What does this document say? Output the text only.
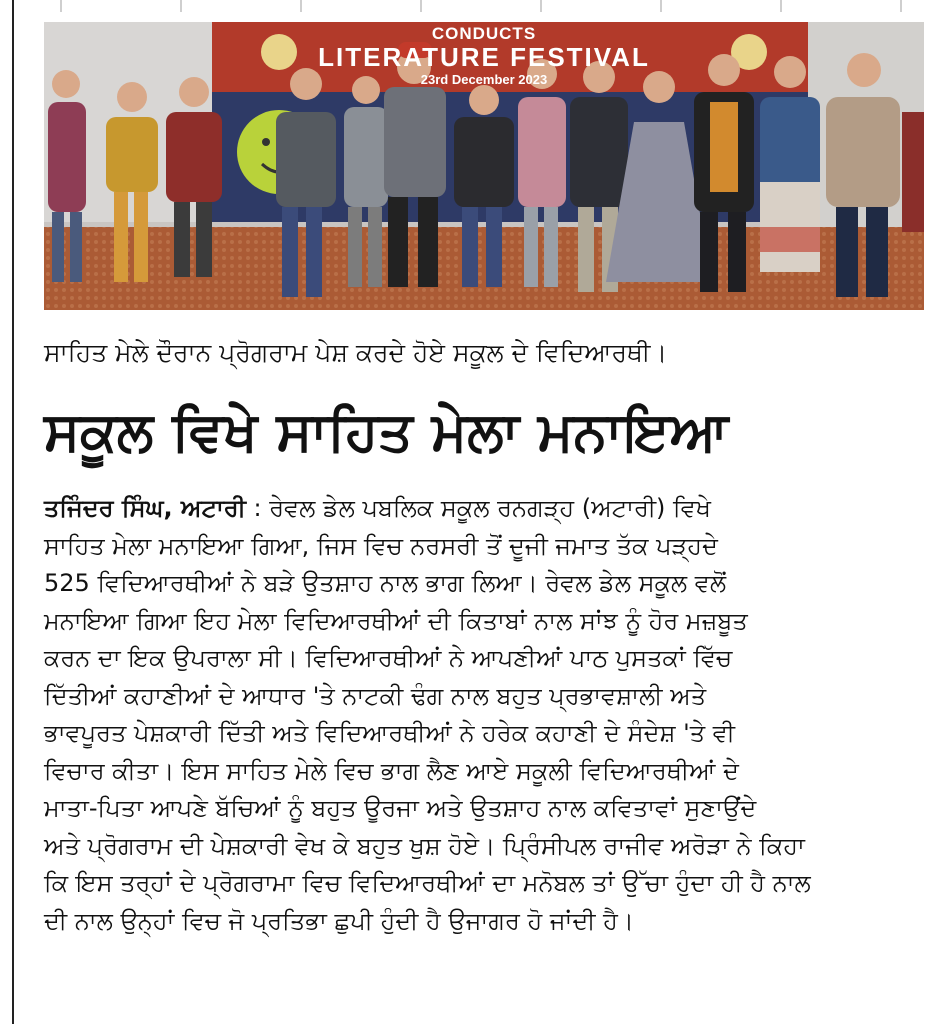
CONDUCTS
LITERATURE FESTIVAL
23rd December 2023
ਸਾਹਿਤ ਮੇਲੇ ਦੌਰਾਨ ਪ੍ਰੋਗਰਾਮ ਪੇਸ਼ ਕਰਦੇ ਹੋਏ ਸਕੂਲ ਦੇ ਵਿਦਿਆਰਥੀ।
ਸਕੂਲ ਵਿਖੇ ਸਾਹਿਤ ਮੇਲਾ ਮਨਾਇਆ
ਤਜਿੰਦਰ ਸਿੰਘ, ਅਟਾਰੀ : ਰੇਵਲ ਡੇਲ ਪਬਲਿਕ ਸਕੂਲ ਰਨਗੜ੍ਹ (ਅਟਾਰੀ) ਵਿਖੇ
ਸਾਹਿਤ ਮੇਲਾ ਮਨਾਇਆ ਗਿਆ, ਜਿਸ ਵਿਚ ਨਰਸਰੀ ਤੋਂ ਦੂਜੀ ਜਮਾਤ ਤੱਕ ਪੜ੍ਹਦੇ
525 ਵਿਦਿਆਰਥੀਆਂ ਨੇ ਬੜੇ ਉਤਸ਼ਾਹ ਨਾਲ ਭਾਗ ਲਿਆ। ਰੇਵਲ ਡੇਲ ਸਕੂਲ ਵਲੋਂ
ਮਨਾਇਆ ਗਿਆ ਇਹ ਮੇਲਾ ਵਿਦਿਆਰਥੀਆਂ ਦੀ ਕਿਤਾਬਾਂ ਨਾਲ ਸਾਂਝ ਨੂੰ ਹੋਰ ਮਜ਼ਬੂਤ
ਕਰਨ ਦਾ ਇਕ ਉਪਰਾਲਾ ਸੀ। ਵਿਦਿਆਰਥੀਆਂ ਨੇ ਆਪਣੀਆਂ ਪਾਠ ਪੁਸਤਕਾਂ ਵਿੱਚ
ਦਿੱਤੀਆਂ ਕਹਾਣੀਆਂ ਦੇ ਆਧਾਰ 'ਤੇ ਨਾਟਕੀ ਢੰਗ ਨਾਲ ਬਹੁਤ ਪ੍ਰਭਾਵਸ਼ਾਲੀ ਅਤੇ
ਭਾਵਪੂਰਤ ਪੇਸ਼ਕਾਰੀ ਦਿੱਤੀ ਅਤੇ ਵਿਦਿਆਰਥੀਆਂ ਨੇ ਹਰੇਕ ਕਹਾਣੀ ਦੇ ਸੰਦੇਸ਼ 'ਤੇ ਵੀ
ਵਿਚਾਰ ਕੀਤਾ। ਇਸ ਸਾਹਿਤ ਮੇਲੇ ਵਿਚ ਭਾਗ ਲੈਣ ਆਏ ਸਕੂਲੀ ਵਿਦਿਆਰਥੀਆਂ ਦੇ
ਮਾਤਾ-ਪਿਤਾ ਆਪਣੇ ਬੱਚਿਆਂ ਨੂੰ ਬਹੁਤ ਊਰਜਾ ਅਤੇ ਉਤਸ਼ਾਹ ਨਾਲ ਕਵਿਤਾਵਾਂ ਸੁਣਾਉਂਦੇ
ਅਤੇ ਪ੍ਰੋਗਰਾਮ ਦੀ ਪੇਸ਼ਕਾਰੀ ਵੇਖ ਕੇ ਬਹੁਤ ਖੁਸ਼ ਹੋਏ। ਪ੍ਰਿੰਸੀਪਲ ਰਾਜੀਵ ਅਰੋੜਾ ਨੇ ਕਿਹਾ
ਕਿ ਇਸ ਤਰ੍ਹਾਂ ਦੇ ਪ੍ਰੋਗਰਾਮਾ ਵਿਚ ਵਿਦਿਆਰਥੀਆਂ ਦਾ ਮਨੋਬਲ ਤਾਂ ਉੱਚਾ ਹੁੰਦਾ ਹੀ ਹੈ ਨਾਲ
ਦੀ ਨਾਲ ਉਨ੍ਹਾਂ ਵਿਚ ਜੋ ਪ੍ਰਤਿਭਾ ਛੁਪੀ ਹੁੰਦੀ ਹੈ ਉਜਾਗਰ ਹੋ ਜਾਂਦੀ ਹੈ।
